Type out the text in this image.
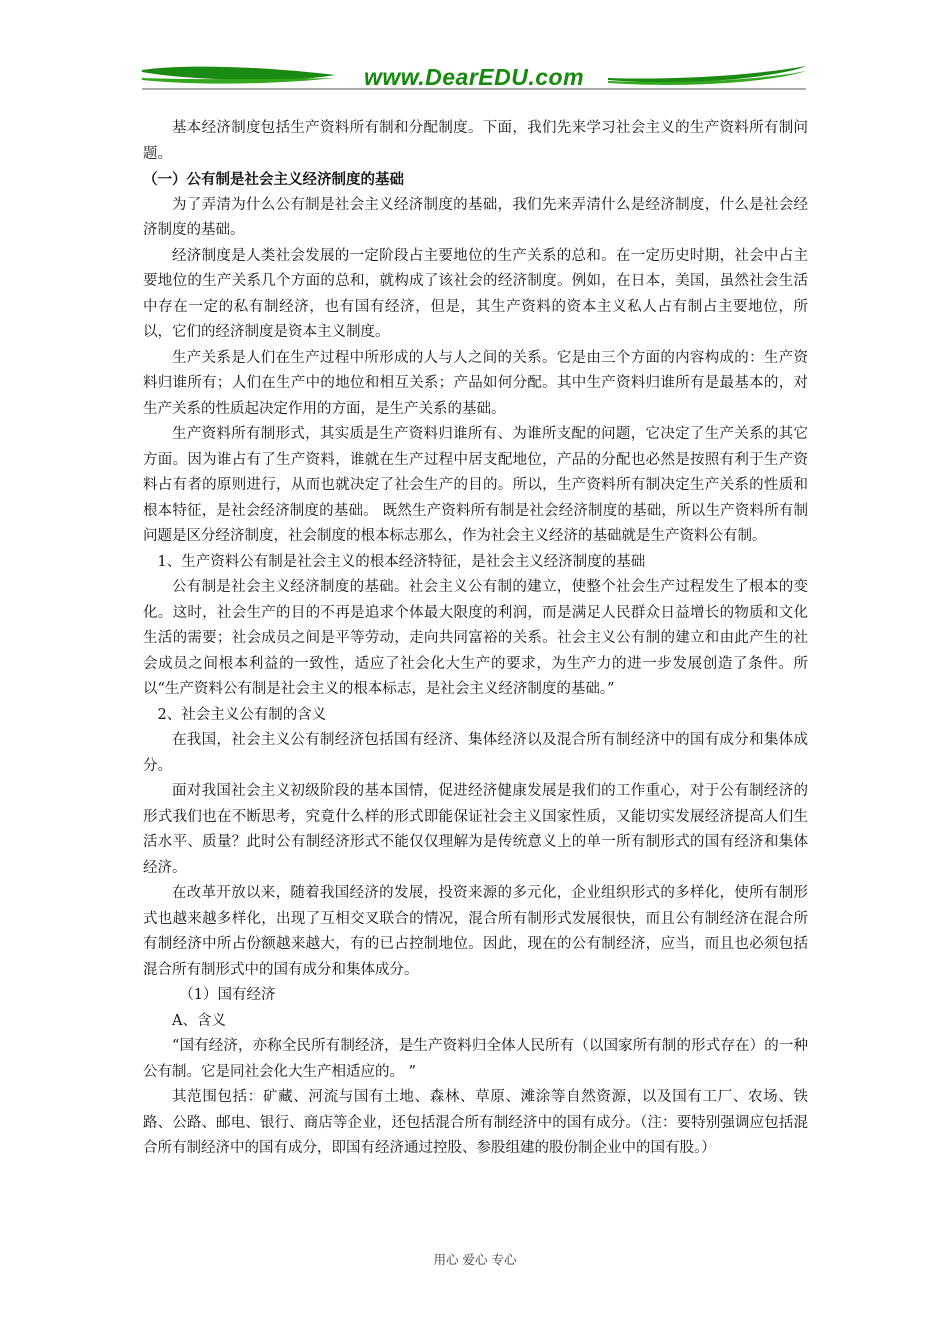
www.DearEDU.com

基本经济制度包括生产资料所有制和分配制度。下面，我们先来学习社会主义的生产资料所有制问题。

（一）公有制是社会主义经济制度的基础

为了弄清为什么公有制是社会主义经济制度的基础，我们先来弄清什么是经济制度，什么是社会经济制度的基础。

经济制度是人类社会发展的一定阶段占主要地位的生产关系的总和。在一定历史时期，社会中占主要地位的生产关系几个方面的总和，就构成了该社会的经济制度。例如，在日本，美国，虽然社会生活中存在一定的私有制经济，也有国有经济，但是，其生产资料的资本主义私人占有制占主要地位，所以，它们的经济制度是资本主义制度。

生产关系是人们在生产过程中所形成的人与人之间的关系。它是由三个方面的内容构成的：生产资料归谁所有；人们在生产中的地位和相互关系；产品如何分配。其中生产资料归谁所有是最基本的，对生产关系的性质起决定作用的方面，是生产关系的基础。

生产资料所有制形式，其实质是生产资料归谁所有、为谁所支配的问题，它决定了生产关系的其它方面。因为谁占有了生产资料，谁就在生产过程中居支配地位，产品的分配也必然是按照有利于生产资料占有者的原则进行，从而也就决定了社会生产的目的。所以，生产资料所有制决定生产关系的性质和根本特征，是社会经济制度的基础。 既然生产资料所有制是社会经济制度的基础，所以生产资料所有制问题是区分经济制度，社会制度的根本标志那么，作为社会主义经济的基础就是生产资料公有制。

1、生产资料公有制是社会主义的根本经济特征，是社会主义经济制度的基础

公有制是社会主义经济制度的基础。社会主义公有制的建立，使整个社会生产过程发生了根本的变化。这时，社会生产的目的不再是追求个体最大限度的利润，而是满足人民群众日益增长的物质和文化生活的需要；社会成员之间是平等劳动，走向共同富裕的关系。社会主义公有制的建立和由此产生的社会成员之间根本利益的一致性，适应了社会化大生产的要求，为生产力的进一步发展创造了条件。所以“生产资料公有制是社会主义的根本标志，是社会主义经济制度的基础。”

2、社会主义公有制的含义

在我国，社会主义公有制经济包括国有经济、集体经济以及混合所有制经济中的国有成分和集体成分。

面对我国社会主义初级阶段的基本国情，促进经济健康发展是我们的工作重心，对于公有制经济的形式我们也在不断思考，究竟什么样的形式即能保证社会主义国家性质，又能切实发展经济提高人们生活水平、质量？此时公有制经济形式不能仅仅理解为是传统意义上的单一所有制形式的国有经济和集体经济。

在改革开放以来，随着我国经济的发展，投资来源的多元化，企业组织形式的多样化，使所有制形式也越来越多样化，出现了互相交叉联合的情况，混合所有制形式发展很快，而且公有制经济在混合所有制经济中所占份额越来越大，有的已占控制地位。因此，现在的公有制经济，应当，而且也必须包括混合所有制形式中的国有成分和集体成分。

（1）国有经济

A、含义

“国有经济，亦称全民所有制经济，是生产资料归全体人民所有（以国家所有制的形式存在）的一种公有制。它是同社会化大生产相适应的。 ”

其范围包括：矿藏、河流与国有土地、森林、草原、滩涂等自然资源，以及国有工厂、农场、铁路、公路、邮电、银行、商店等企业，还包括混合所有制经济中的国有成分。（注：要特别强调应包括混合所有制经济中的国有成分，即国有经济通过控股、参股组建的股份制企业中的国有股。）

用心 爱心 专心
